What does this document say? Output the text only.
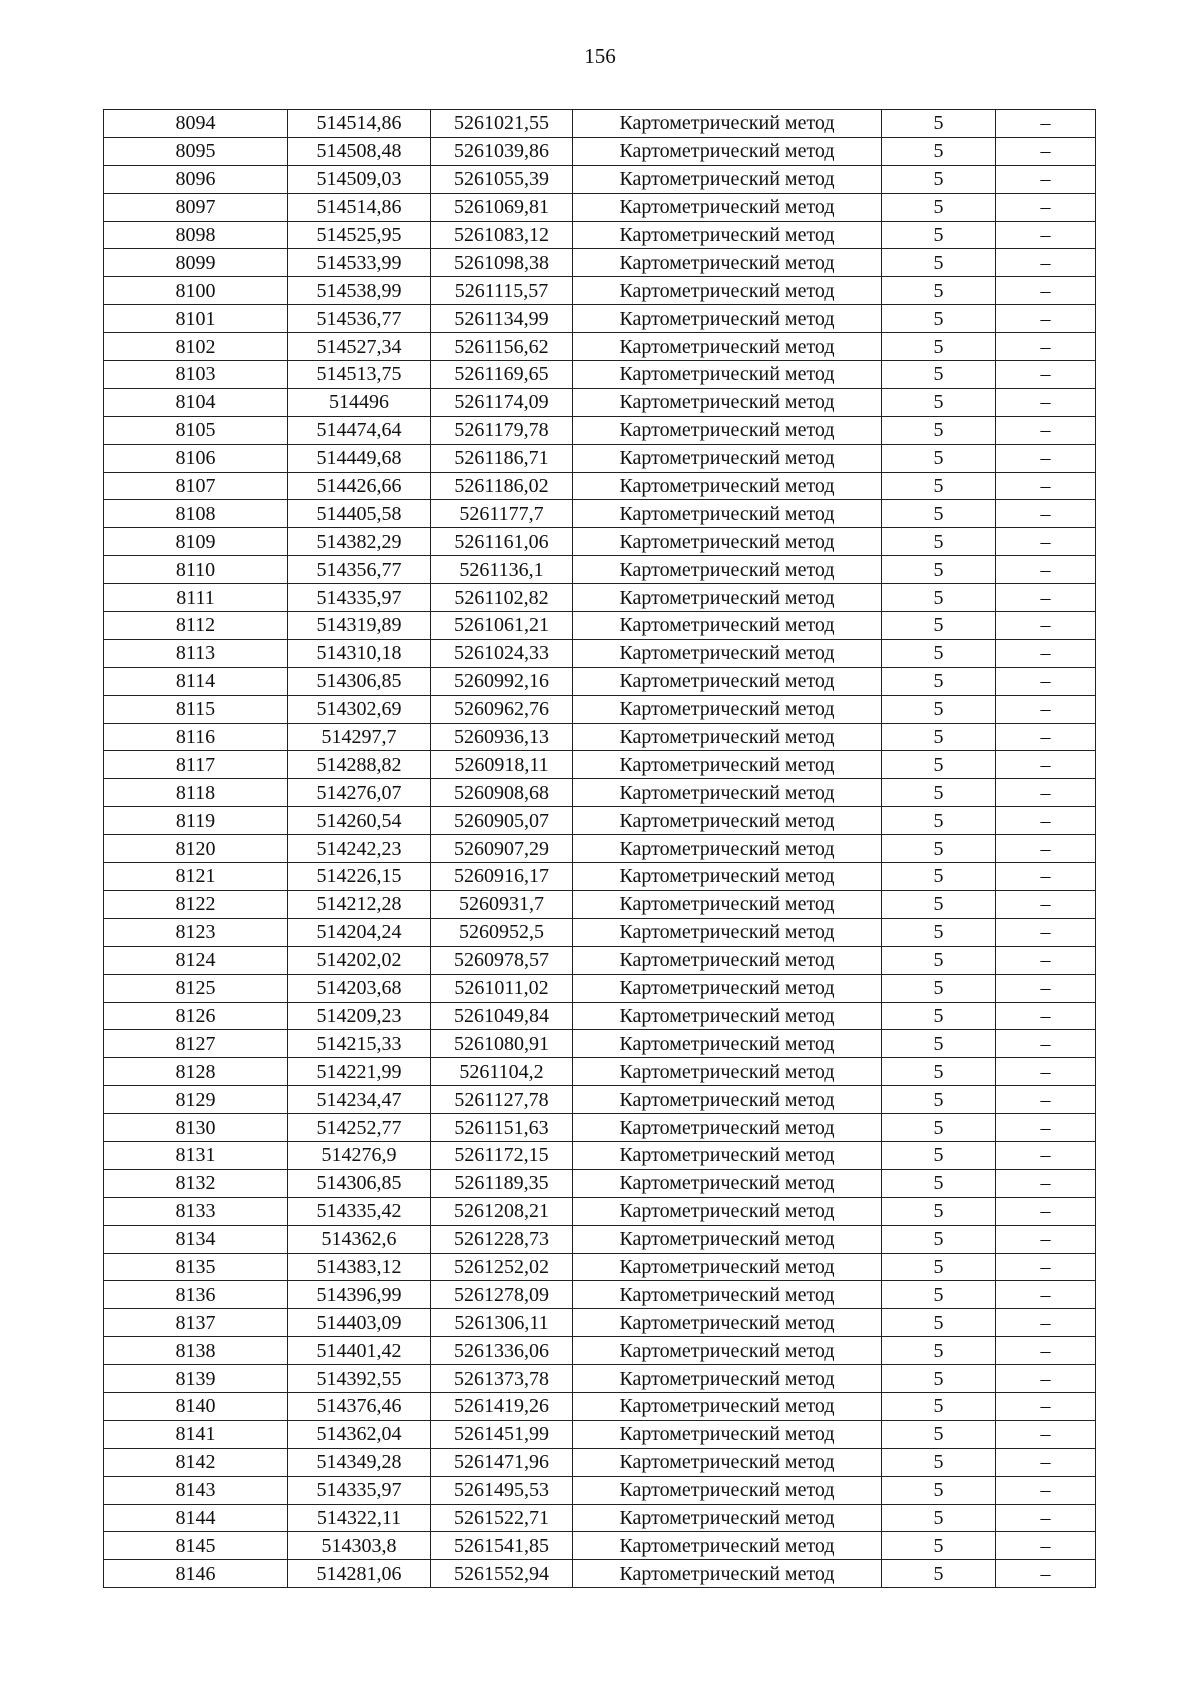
156
8094	514514,86	5261021,55	Картометрический метод	5	–
8095	514508,48	5261039,86	Картометрический метод	5	–
8096	514509,03	5261055,39	Картометрический метод	5	–
8097	514514,86	5261069,81	Картометрический метод	5	–
8098	514525,95	5261083,12	Картометрический метод	5	–
8099	514533,99	5261098,38	Картометрический метод	5	–
8100	514538,99	5261115,57	Картометрический метод	5	–
8101	514536,77	5261134,99	Картометрический метод	5	–
8102	514527,34	5261156,62	Картометрический метод	5	–
8103	514513,75	5261169,65	Картометрический метод	5	–
8104	514496	5261174,09	Картометрический метод	5	–
8105	514474,64	5261179,78	Картометрический метод	5	–
8106	514449,68	5261186,71	Картометрический метод	5	–
8107	514426,66	5261186,02	Картометрический метод	5	–
8108	514405,58	5261177,7	Картометрический метод	5	–
8109	514382,29	5261161,06	Картометрический метод	5	–
8110	514356,77	5261136,1	Картометрический метод	5	–
8111	514335,97	5261102,82	Картометрический метод	5	–
8112	514319,89	5261061,21	Картометрический метод	5	–
8113	514310,18	5261024,33	Картометрический метод	5	–
8114	514306,85	5260992,16	Картометрический метод	5	–
8115	514302,69	5260962,76	Картометрический метод	5	–
8116	514297,7	5260936,13	Картометрический метод	5	–
8117	514288,82	5260918,11	Картометрический метод	5	–
8118	514276,07	5260908,68	Картометрический метод	5	–
8119	514260,54	5260905,07	Картометрический метод	5	–
8120	514242,23	5260907,29	Картометрический метод	5	–
8121	514226,15	5260916,17	Картометрический метод	5	–
8122	514212,28	5260931,7	Картометрический метод	5	–
8123	514204,24	5260952,5	Картометрический метод	5	–
8124	514202,02	5260978,57	Картометрический метод	5	–
8125	514203,68	5261011,02	Картометрический метод	5	–
8126	514209,23	5261049,84	Картометрический метод	5	–
8127	514215,33	5261080,91	Картометрический метод	5	–
8128	514221,99	5261104,2	Картометрический метод	5	–
8129	514234,47	5261127,78	Картометрический метод	5	–
8130	514252,77	5261151,63	Картометрический метод	5	–
8131	514276,9	5261172,15	Картометрический метод	5	–
8132	514306,85	5261189,35	Картометрический метод	5	–
8133	514335,42	5261208,21	Картометрический метод	5	–
8134	514362,6	5261228,73	Картометрический метод	5	–
8135	514383,12	5261252,02	Картометрический метод	5	–
8136	514396,99	5261278,09	Картометрический метод	5	–
8137	514403,09	5261306,11	Картометрический метод	5	–
8138	514401,42	5261336,06	Картометрический метод	5	–
8139	514392,55	5261373,78	Картометрический метод	5	–
8140	514376,46	5261419,26	Картометрический метод	5	–
8141	514362,04	5261451,99	Картометрический метод	5	–
8142	514349,28	5261471,96	Картометрический метод	5	–
8143	514335,97	5261495,53	Картометрический метод	5	–
8144	514322,11	5261522,71	Картометрический метод	5	–
8145	514303,8	5261541,85	Картометрический метод	5	–
8146	514281,06	5261552,94	Картометрический метод	5	–
